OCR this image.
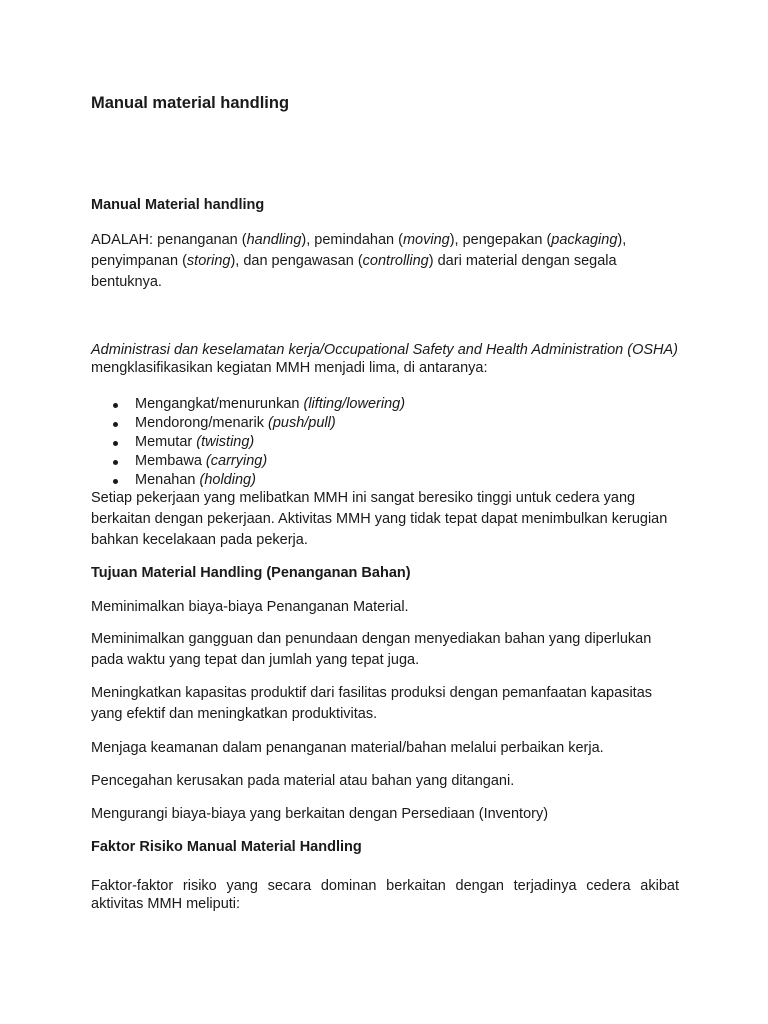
Manual material handling
Manual Material handling

ADALAH: penanganan (handling), pemindahan (moving), pengepakan (packaging), penyimpanan (storing), dan pengawasan (controlling) dari material dengan segala bentuknya.

Administrasi dan keselamatan kerja/Occupational Safety and Health Administration (OSHA) mengklasifikasikan kegiatan MMH menjadi lima, di antaranya:

Mengangkat/menurunkan (lifting/lowering)
Mendorong/menarik (push/pull)
Memutar (twisting)
Membawa (carrying)
Menahan (holding)

Setiap pekerjaan yang melibatkan MMH ini sangat beresiko tinggi untuk cedera yang berkaitan dengan pekerjaan. Aktivitas MMH yang tidak tepat dapat menimbulkan kerugian bahkan kecelakaan pada pekerja.

Tujuan Material Handling (Penanganan Bahan)

Meminimalkan biaya-biaya Penanganan Material.

Meminimalkan gangguan dan penundaan dengan menyediakan bahan yang diperlukan pada waktu yang tepat dan jumlah yang tepat juga.

Meningkatkan kapasitas produktif dari fasilitas produksi dengan pemanfaatan kapasitas yang efektif dan meningkatkan produktivitas.

Menjaga keamanan dalam penanganan material/bahan melalui perbaikan kerja.

Pencegahan kerusakan pada material atau bahan yang ditangani.

Mengurangi biaya-biaya yang berkaitan dengan Persediaan (Inventory)

Faktor Risiko Manual Material Handling

Faktor-faktor risiko yang secara dominan berkaitan dengan terjadinya cedera akibat aktivitas MMH meliputi:
